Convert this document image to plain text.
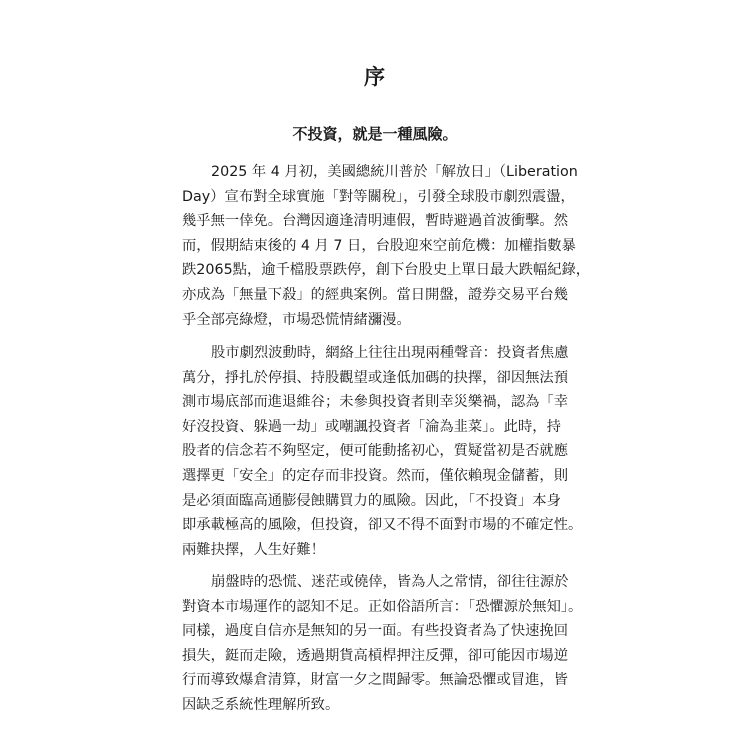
序
不投資，就是一種風險。

2025 年 4 月初，美國總統川普於「解放日」（Liberation
Day）宣布對全球實施「對等關稅」，引發全球股市劇烈震盪，
幾乎無一倖免。台灣因適逢清明連假，暫時避過首波衝擊。然
而，假期結束後的 4 月 7 日，台股迎來空前危機：加權指數暴
跌2065點，逾千檔股票跌停，創下台股史上單日最大跌幅紀錄，
亦成為「無量下殺」的經典案例。當日開盤，證券交易平台幾
乎全部亮綠燈，市場恐慌情緒瀰漫。

股市劇烈波動時，網絡上往往出現兩種聲音：投資者焦慮
萬分，掙扎於停損、持股觀望或逢低加碼的抉擇，卻因無法預
測市場底部而進退維谷；未參與投資者則幸災樂禍，認為「幸
好沒投資、躲過一劫」或嘲諷投資者「淪為韭菜」。此時，持
股者的信念若不夠堅定，便可能動搖初心，質疑當初是否就應
選擇更「安全」的定存而非投資。然而，僅依賴現金儲蓄，則
是必須面臨高通膨侵蝕購買力的風險。因此，「不投資」本身
即承載極高的風險，但投資，卻又不得不面對市場的不確定性。
兩難抉擇，人生好難！

崩盤時的恐慌、迷茫或僥倖，皆為人之常情，卻往往源於
對資本市場運作的認知不足。正如俗語所言：「恐懼源於無知」。
同樣，過度自信亦是無知的另一面。有些投資者為了快速挽回
損失，鋌而走險，透過期貨高槓桿押注反彈，卻可能因市場逆
行而導致爆倉清算，財富一夕之間歸零。無論恐懼或冒進，皆
因缺乏系統性理解所致。
